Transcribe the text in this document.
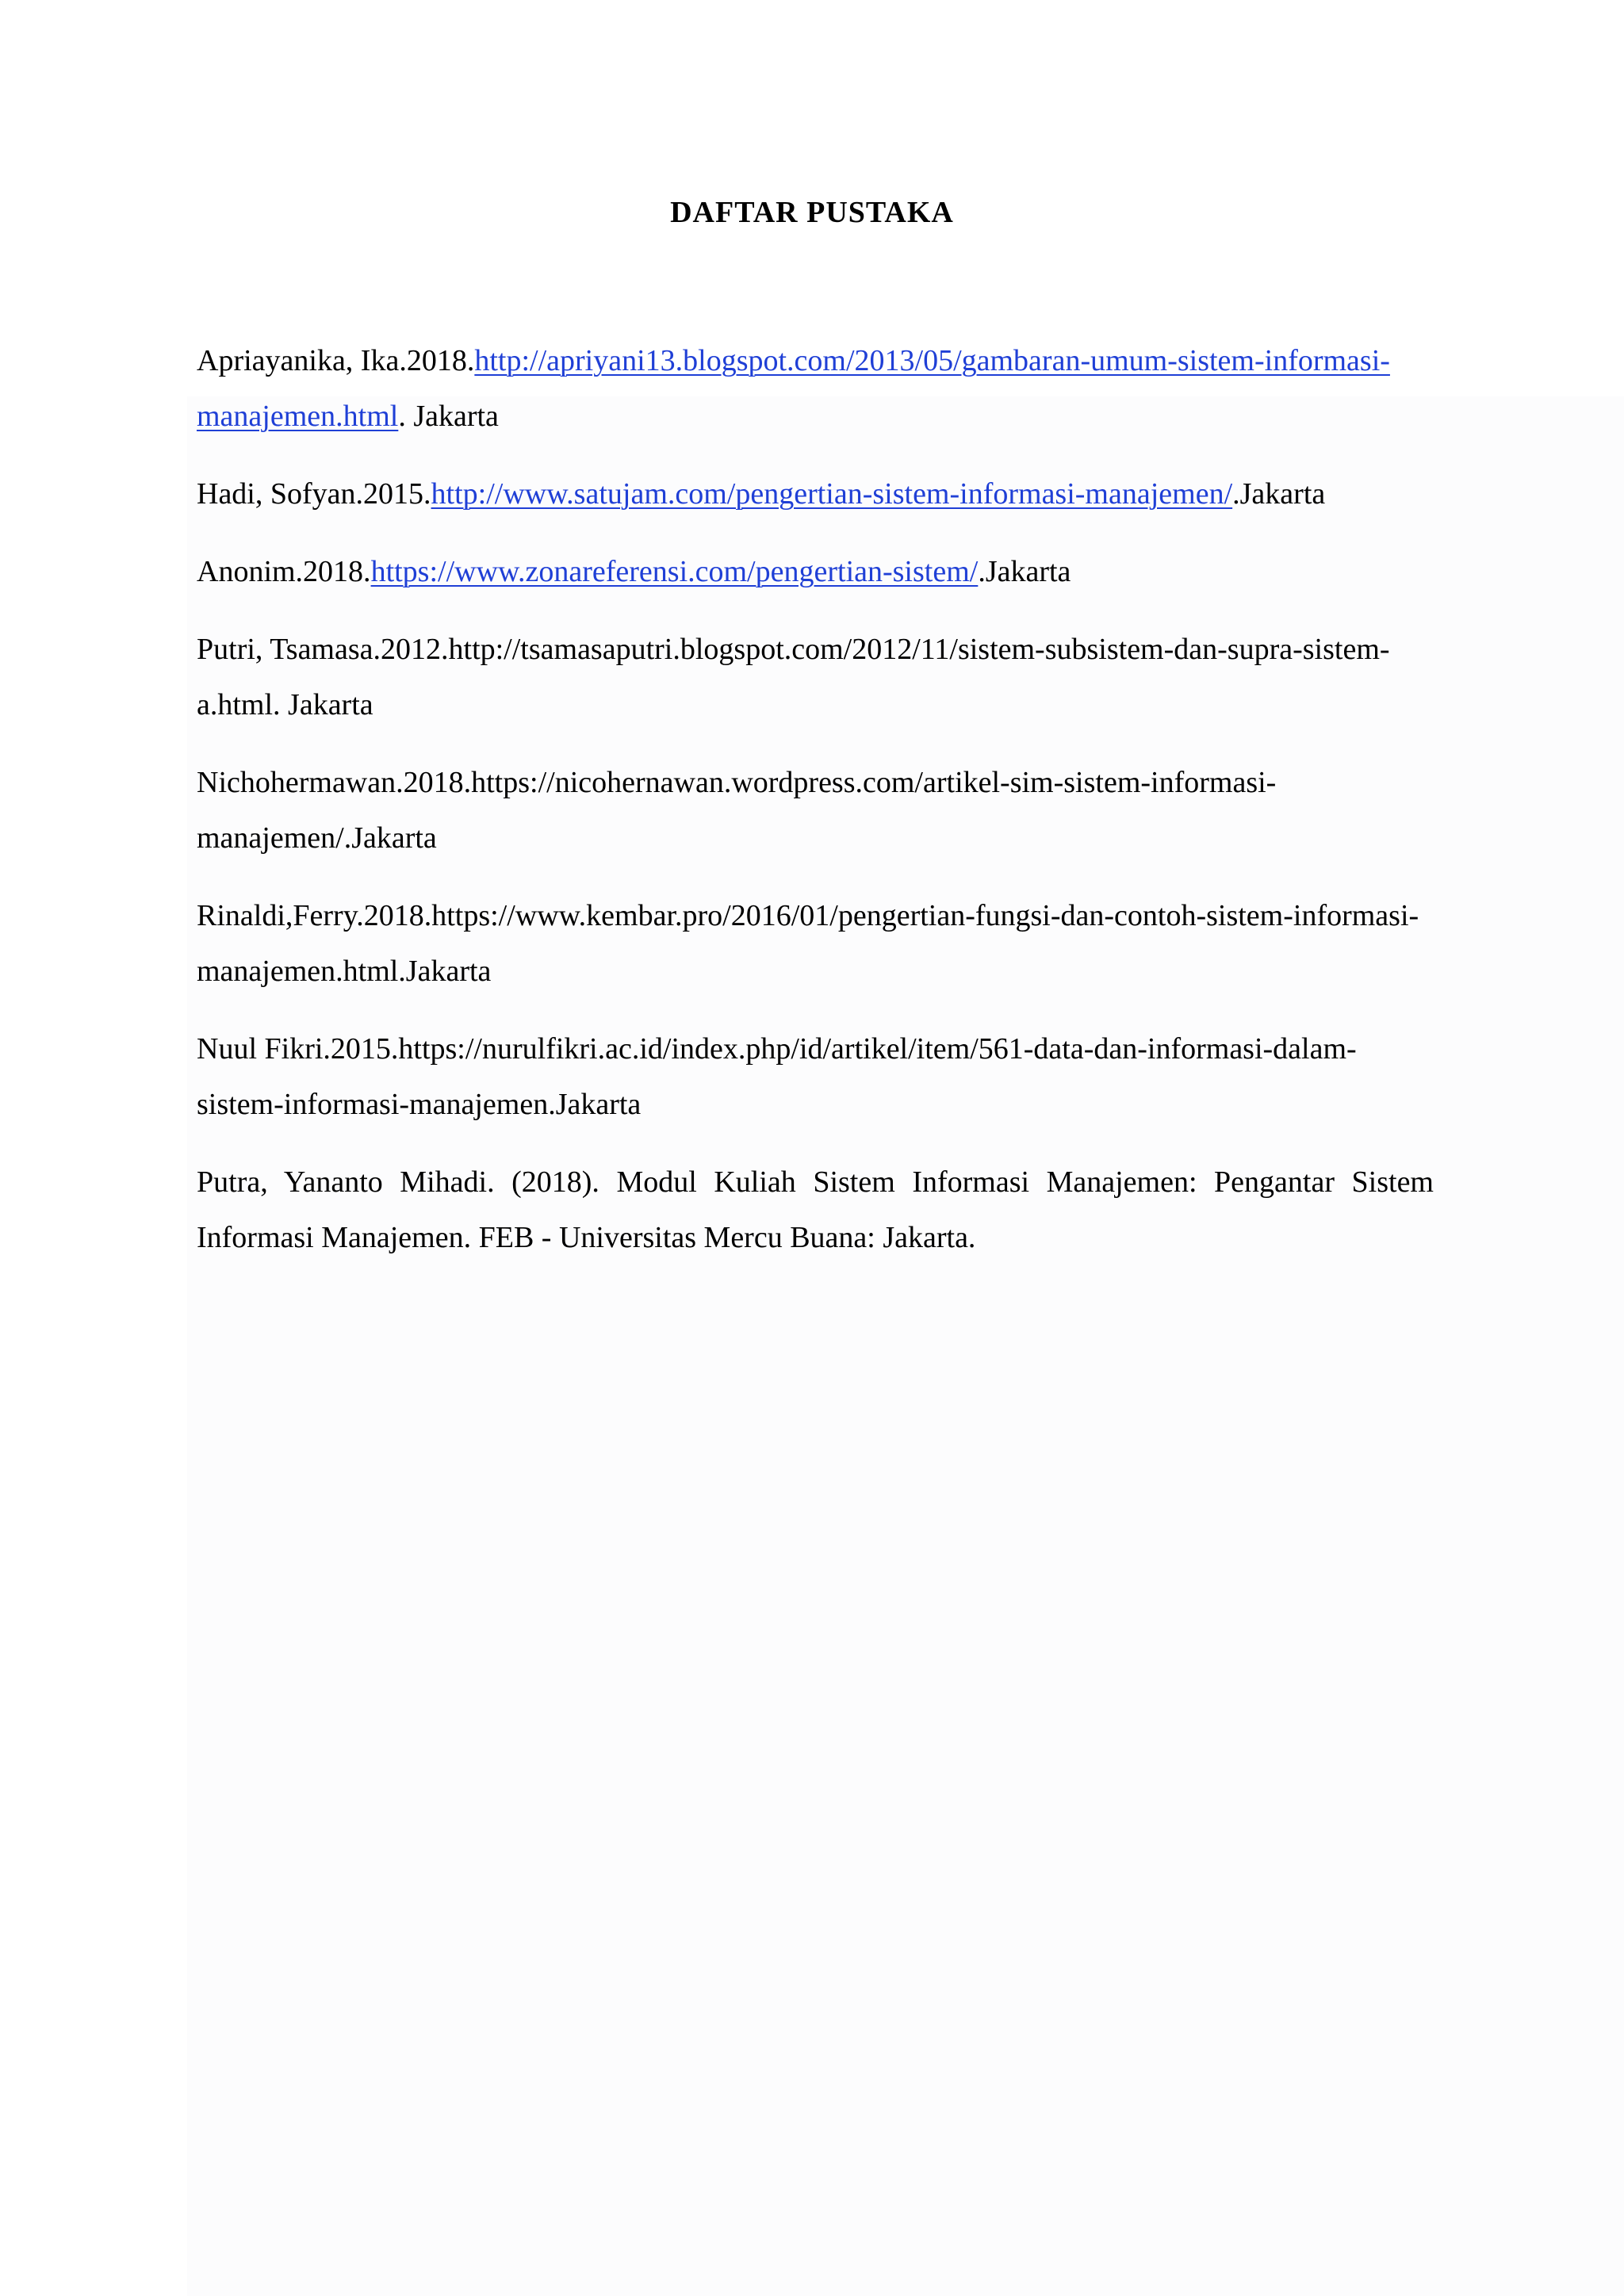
DAFTAR PUSTAKA

Apriayanika, Ika.2018.http://apriyani13.blogspot.com/2013/05/gambaran-umum-sistem-informasi-manajemen.html. Jakarta

Hadi, Sofyan.2015.http://www.satujam.com/pengertian-sistem-informasi-manajemen/.Jakarta

Anonim.2018.https://www.zonareferensi.com/pengertian-sistem/.Jakarta

Putri, Tsamasa.2012.http://tsamasaputri.blogspot.com/2012/11/sistem-subsistem-dan-supra-sistem-a.html. Jakarta

Nichohermawan.2018.https://nicohernawan.wordpress.com/artikel-sim-sistem-informasi-manajemen/.Jakarta

Rinaldi,Ferry.2018.https://www.kembar.pro/2016/01/pengertian-fungsi-dan-contoh-sistem-informasi-manajemen.html.Jakarta

Nuul Fikri.2015.https://nurulfikri.ac.id/index.php/id/artikel/item/561-data-dan-informasi-dalam-sistem-informasi-manajemen.Jakarta

Putra, Yananto Mihadi. (2018). Modul Kuliah Sistem Informasi Manajemen: Pengantar Sistem Informasi Manajemen. FEB - Universitas Mercu Buana: Jakarta.
